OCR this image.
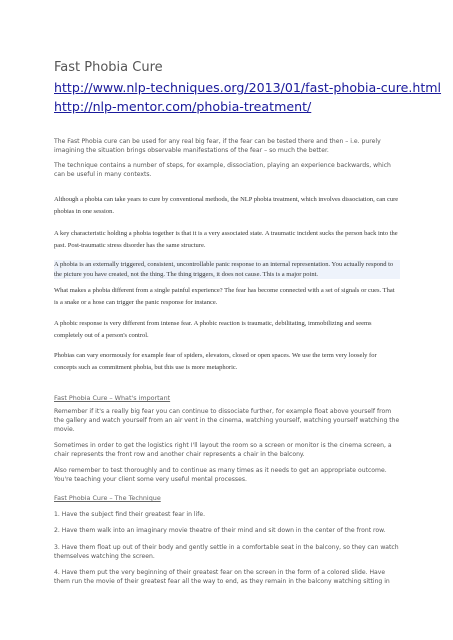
Fast Phobia Cure
http://www.nlp-techniques.org/2013/01/fast-phobia-cure.html
http://nlp-mentor.com/phobia-treatment/
The Fast Phobia cure can be used for any real big fear, if the fear can be tested there and then – i.e. purely imagining the situation brings observable manifestations of the fear – so much the better.
The technique contains a number of steps, for example, dissociation, playing an experience backwards, which can be useful in many contexts.
Although a phobia can take years to cure by conventional methods, the NLP phobia treatment, which involves dissociation, can cure phobias in one session.
A key characteristic holding a phobia together is that it is a very associated state. A traumatic incident sucks the person back into the past. Post-traumatic stress disorder has the same structure.
A phobia is an externally triggered, consistent, uncontrollable panic response to an internal representation. You actually respond to the picture you have created, not the thing. The thing triggers, it does not cause. This is a major point.
What makes a phobia different from a single painful experience? The fear has become connected with a set of signals or cues. That is a snake or a hose can trigger the panic response for instance.
A phobic response is very different from intense fear. A phobic reaction is traumatic, debilitating, immobilizing and seems completely out of a person's control.
Phobias can vary enormously for example fear of spiders, elevators, closed or open spaces. We use the term very loosely for concepts such as commitment phobia, but this use is more metaphoric.
Fast Phobia Cure – What's important
Remember if it's a really big fear you can continue to dissociate further, for example float above yourself from the gallery and watch yourself from an air vent in the cinema, watching yourself, watching yourself watching the movie.
Sometimes in order to get the logistics right I'll layout the room so a screen or monitor is the cinema screen, a chair represents the front row and another chair represents a chair in the balcony.
Also remember to test thoroughly and to continue as many times as it needs to get an appropriate outcome. You're teaching your client some very useful mental processes.
Fast Phobia Cure – The Technique
1. Have the subject find their greatest fear in life.
2. Have them walk into an imaginary movie theatre of their mind and sit down in the center of the front row.
3. Have them float up out of their body and gently settle in a comfortable seat in the balcony, so they can watch themselves watching the screen.
4. Have them put the very beginning of their greatest fear on the screen in the form of a colored slide. Have them run the movie of their greatest fear all the way to end, as they remain in the balcony watching sitting in
